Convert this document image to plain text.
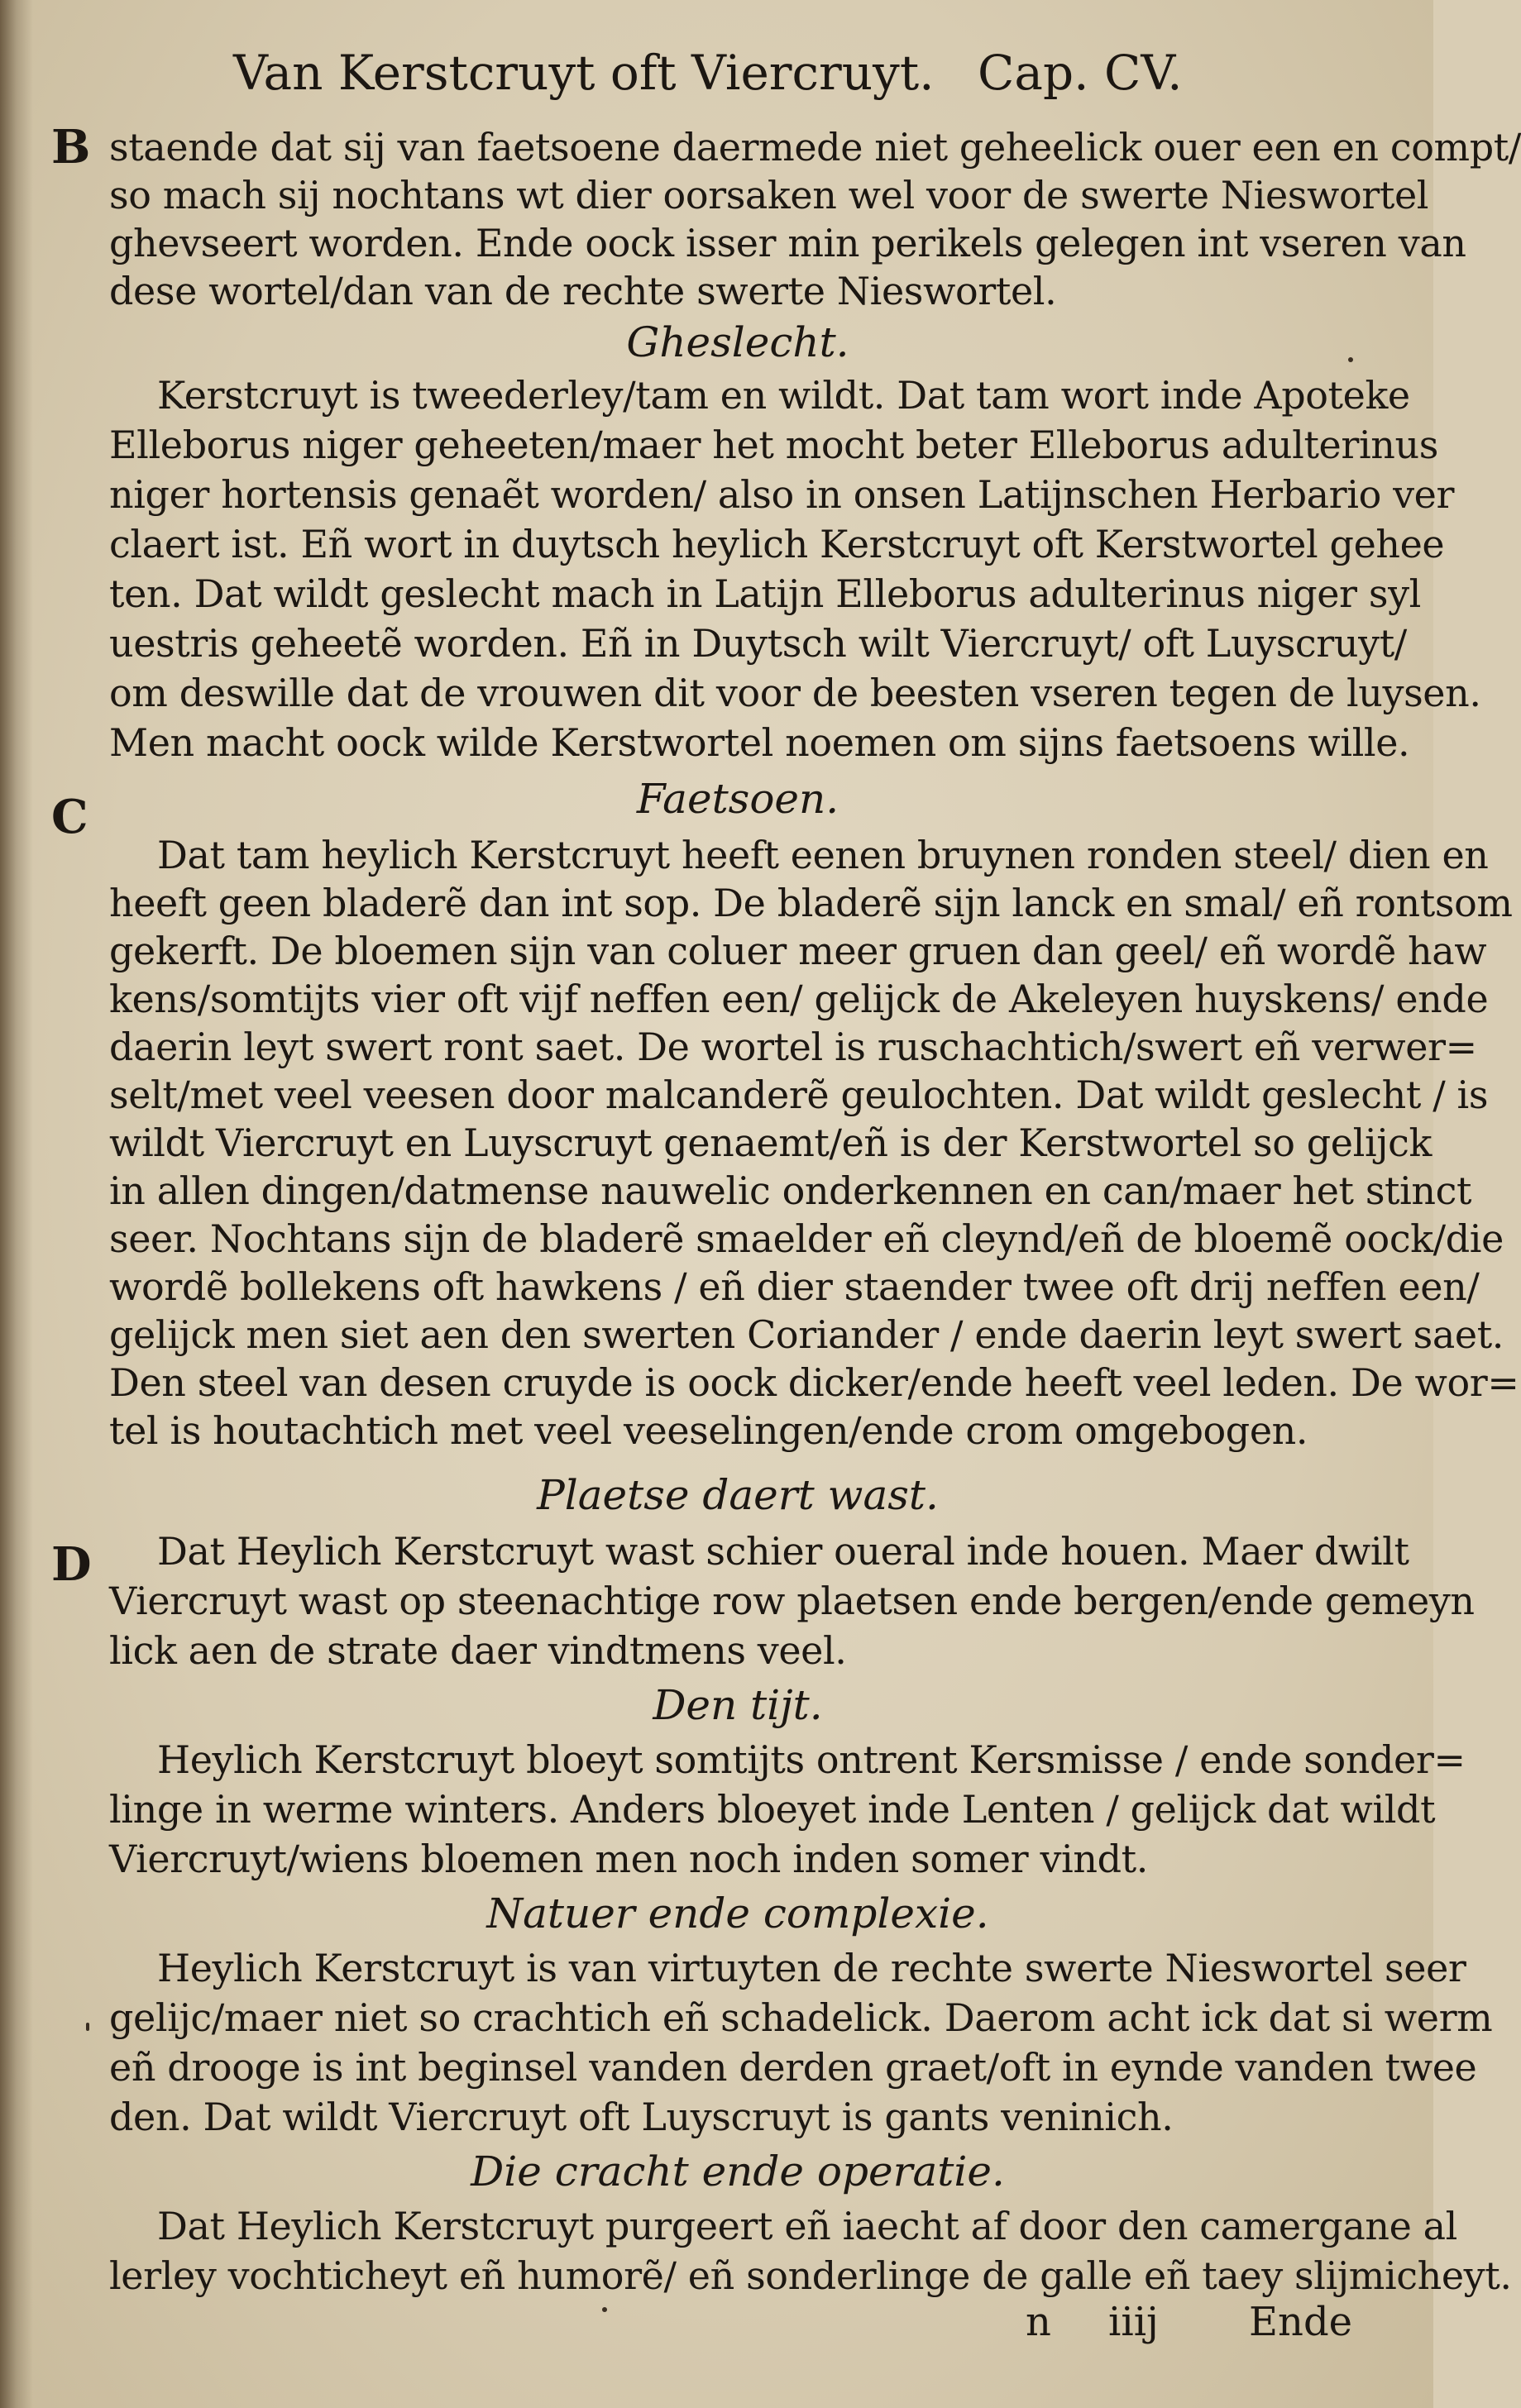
Van Kerstcruyt oft Viercruyt. Cap. CV.
B
C
D
staende dat sij van faetsoene daermede niet geheelick ouer een en compt/
so mach sij nochtans wt dier oorsaken wel voor de swerte Nieswortel
ghevseert worden. Ende oock isser min perikels gelegen int vseren van
dese wortel/dan van de rechte swerte Nieswortel.
Gheslecht.
Kerstcruyt is tweederley/tam en wildt. Dat tam wort inde Apoteke
Elleborus niger geheeten/maer het mocht beter Elleborus adulterinus
niger hortensis genaẽt worden/ also in onsen Latijnschen Herbario ver
claert ist. Eñ wort in duytsch heylich Kerstcruyt oft Kerstwortel gehee
ten. Dat wildt geslecht mach in Latijn Elleborus adulterinus niger syl
uestris geheetẽ worden. Eñ in Duytsch wilt Viercruyt/ oft Luyscruyt/
om deswille dat de vrouwen dit voor de beesten vseren tegen de luysen.
Men macht oock wilde Kerstwortel noemen om sijns faetsoens wille.
Faetsoen.
Dat tam heylich Kerstcruyt heeft eenen bruynen ronden steel/ dien en
heeft geen bladerẽ dan int sop. De bladerẽ sijn lanck en smal/ eñ rontsom
gekerft. De bloemen sijn van coluer meer gruen dan geel/ eñ wordẽ haw
kens/somtijts vier oft vijf neffen een/ gelijck de Akeleyen huyskens/ ende
daerin leyt swert ront saet. De wortel is ruschachtich/swert eñ verwer=
selt/met veel veesen door malcanderẽ geulochten. Dat wildt geslecht / is
wildt Viercruyt en Luyscruyt genaemt/eñ is der Kerstwortel so gelijck
in allen dingen/datmense nauwelic onderkennen en can/maer het stinct
seer. Nochtans sijn de bladerẽ smaelder eñ cleynd/eñ de bloemẽ oock/die
wordẽ bollekens oft hawkens / eñ dier staender twee oft drij neffen een/
gelijck men siet aen den swerten Coriander / ende daerin leyt swert saet.
Den steel van desen cruyde is oock dicker/ende heeft veel leden. De wor=
tel is houtachtich met veel veeselingen/ende crom omgebogen.
Plaetse daert wast.
Dat Heylich Kerstcruyt wast schier oueral inde houen. Maer dwilt
Viercruyt wast op steenachtige row plaetsen ende bergen/ende gemeyn
lick aen de strate daer vindtmens veel.
Den tijt.
Heylich Kerstcruyt bloeyt somtijts ontrent Kersmisse / ende sonder=
linge in werme winters. Anders bloeyet inde Lenten / gelijck dat wildt
Viercruyt/wiens bloemen men noch inden somer vindt.
Natuer ende complexie.
Heylich Kerstcruyt is van virtuyten de rechte swerte Nieswortel seer
gelijc/maer niet so crachtich eñ schadelick. Daerom acht ick dat si werm
eñ drooge is int beginsel vanden derden graet/oft in eynde vanden twee
den. Dat wildt Viercruyt oft Luyscruyt is gants veninich.
Die cracht ende operatie.
Dat Heylich Kerstcruyt purgeert eñ iaecht af door den camergane al
lerley vochticheyt eñ humorẽ/ eñ sonderlinge de galle eñ taey slijmicheyt.
n iiij Ende
